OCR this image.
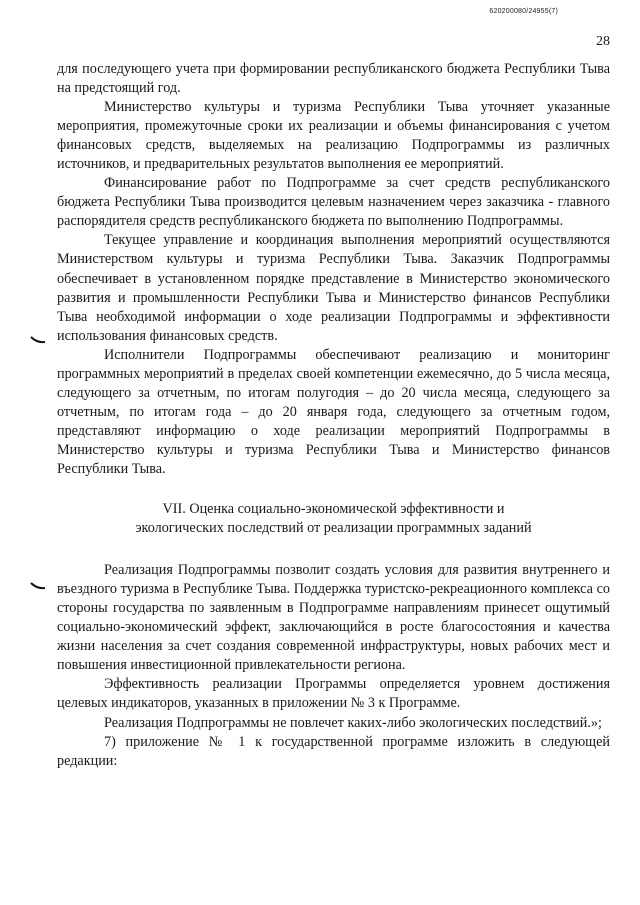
620200080/24955(7)
28

для последующего учета при формировании республиканского бюджета Республики Тыва на предстоящий год.

Министерство культуры и туризма Республики Тыва уточняет указанные мероприятия, промежуточные сроки их реализации и объемы финансирования с учетом финансовых средств, выделяемых на реализацию Подпрограммы из различных источников, и предварительных результатов выполнения ее мероприятий.

Финансирование работ по Подпрограмме за счет средств республиканского бюджета Республики Тыва производится целевым назначением через заказчика - главного распорядителя средств республиканского бюджета по выполнению Подпрограммы.

Текущее управление и координация выполнения мероприятий осуществляются Министерством культуры и туризма Республики Тыва. Заказчик Подпрограммы обеспечивает в установленном порядке представление в Министерство экономического развития и промышленности Республики Тыва и Министерство финансов Республики Тыва необходимой информации о ходе реализации Подпрограммы и эффективности использования финансовых средств.

Исполнители Подпрограммы обеспечивают реализацию и мониторинг программных мероприятий в пределах своей компетенции ежемесячно, до 5 числа месяца, следующего за отчетным, по итогам полугодия – до 20 числа месяца, следующего за отчетным, по итогам года – до 20 января года, следующего за отчетным годом, представляют информацию о ходе реализации мероприятий Подпрограммы в Министерство культуры и туризма Республики Тыва и Министерство финансов Республики Тыва.

VII. Оценка социально-экономической эффективности и
экологических последствий от реализации программных заданий

Реализация Подпрограммы позволит создать условия для развития внутреннего и въездного туризма в Республике Тыва. Поддержка туристско-рекреационного комплекса со стороны государства по заявленным в Подпрограмме направлениям принесет ощутимый социально-экономический эффект, заключающийся в росте благосостояния и качества жизни населения за счет создания современной инфраструктуры, новых рабочих мест и повышения инвестиционной привлекательности региона.

Эффективность реализации Программы определяется уровнем достижения целевых индикаторов, указанных в приложении № 3 к Программе.

Реализация Подпрограммы не повлечет каких-либо экологических последствий.»;

7) приложение № 1 к государственной программе изложить в следующей редакции:
